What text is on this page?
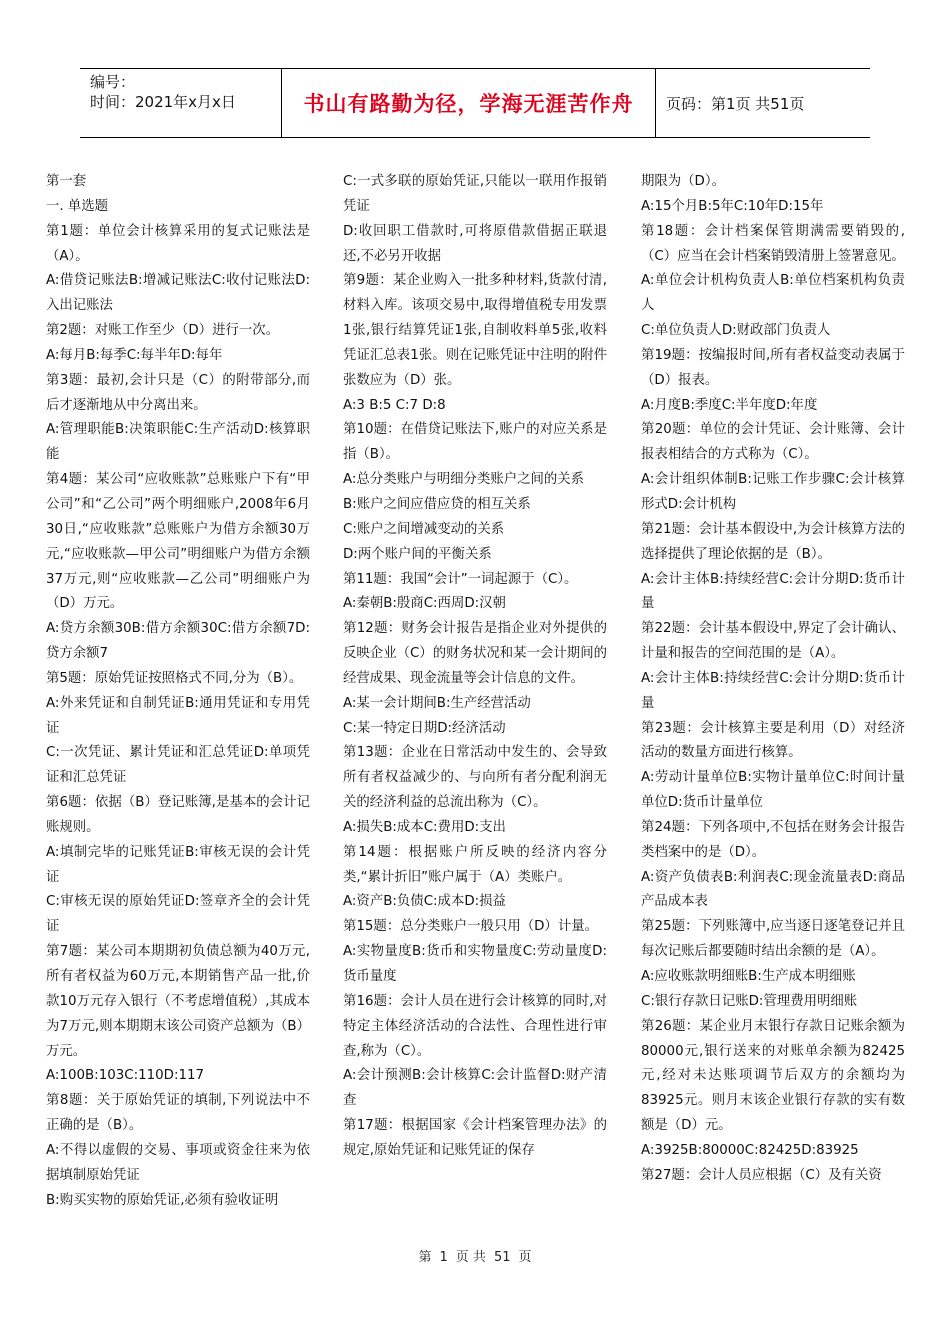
编号：
时间：2021年x月x日	书山有路勤为径，学海无涯苦作舟 页码：第1页 共51页

第一套

一. 单选题

第1题：单位会计核算采用的复式记账法是（A）。

A:借贷记账法B:增减记账法C:收付记账法D:入出记账法

第2题：对账工作至少（D）进行一次。

A:每月B:每季C:每半年D:每年

第3题：最初,会计只是（C）的附带部分,而后才逐渐地从中分离出来。

A:管理职能B:决策职能C:生产活动D:核算职能

第4题：某公司“应收账款”总账账户下有“甲公司”和“乙公司”两个明细账户,2008年6月30日,“应收账款”总账账户为借方余额30万元,“应收账款—甲公司”明细账户为借方余额37万元,则“应收账款—乙公司”明细账户为（D）万元。

A:贷方余额30B:借方余额30C:借方余额7D:贷方余额7

第5题：原始凭证按照格式不同,分为（B）。

A:外来凭证和自制凭证B:通用凭证和专用凭证

C:一次凭证、累计凭证和汇总凭证D:单项凭证和汇总凭证

第6题：依据（B）登记账簿,是基本的会计记账规则。

A:填制完毕的记账凭证B:审核无误的会计凭证

C:审核无误的原始凭证D:签章齐全的会计凭证

第7题：某公司本期期初负债总额为40万元,所有者权益为60万元,本期销售产品一批,价款10万元存入银行（不考虑增值税）,其成本为7万元,则本期期末该公司资产总额为（B）万元。

A:100B:103C:110D:117

第8题：关于原始凭证的填制,下列说法中不正确的是（B）。

A:不得以虚假的交易、事项或资金往来为依据填制原始凭证

B:购买实物的原始凭证,必须有验收证明

C:一式多联的原始凭证,只能以一联用作报销凭证

D:收回职工借款时,可将原借款借据正联退还,不必另开收据

第9题：某企业购入一批多种材料,货款付清,材料入库。该项交易中,取得增值税专用发票1张,银行结算凭证1张,自制收料单5张,收料凭证汇总表1张。则在记账凭证中注明的附件张数应为（D）张。

A:3 B:5 C:7 D:8

第10题：在借贷记账法下,账户的对应关系是指（B）。

A:总分类账户与明细分类账户之间的关系

B:账户之间应借应贷的相互关系

C:账户之间增减变动的关系

D:两个账户间的平衡关系

第11题：我国“会计”一词起源于（C）。

A:秦朝B:殷商C:西周D:汉朝

第12题：财务会计报告是指企业对外提供的反映企业（C）的财务状况和某一会计期间的经营成果、现金流量等会计信息的文件。

A:某一会计期间B:生产经营活动

C:某一特定日期D:经济活动

第13题：企业在日常活动中发生的、会导致所有者权益减少的、与向所有者分配利润无关的经济利益的总流出称为（C）。

A:损失B:成本C:费用D:支出

第14题：根据账户所反映的经济内容分类,“累计折旧”账户属于（A）类账户。

A:资产B:负债C:成本D:损益

第15题：总分类账户一般只用（D）计量。

A:实物量度B:货币和实物量度C:劳动量度D:货币量度

第16题：会计人员在进行会计核算的同时,对特定主体经济活动的合法性、合理性进行审查,称为（C）。

A:会计预测B:会计核算C:会计监督D:财产清查

第17题：根据国家《会计档案管理办法》的规定,原始凭证和记账凭证的保存

期限为（D）。

A:15个月B:5年C:10年D:15年

第18题：会计档案保管期满需要销毁的,（C）应当在会计档案销毁清册上签署意见。

A:单位会计机构负责人B:单位档案机构负责人

C:单位负责人D:财政部门负责人

第19题：按编报时间,所有者权益变动表属于（D）报表。

A:月度B:季度C:半年度D:年度

第20题：单位的会计凭证、会计账簿、会计报表相结合的方式称为（C）。

A:会计组织体制B:记账工作步骤C:会计核算形式D:会计机构

第21题：会计基本假设中,为会计核算方法的选择提供了理论依据的是（B）。

A:会计主体B:持续经营C:会计分期D:货币计量

第22题：会计基本假设中,界定了会计确认、计量和报告的空间范围的是（A）。

A:会计主体B:持续经营C:会计分期D:货币计量

第23题：会计核算主要是利用（D）对经济活动的数量方面进行核算。

A:劳动计量单位B:实物计量单位C:时间计量单位D:货币计量单位

第24题：下列各项中,不包括在财务会计报告类档案中的是（D）。

A:资产负债表B:利润表C:现金流量表D:商品产品成本表

第25题：下列账簿中,应当逐日逐笔登记并且每次记账后都要随时结出余额的是（A）。

A:应收账款明细账B:生产成本明细账

C:银行存款日记账D:管理费用明细账

第26题：某企业月末银行存款日记账余额为80000元,银行送来的对账单余额为82425元,经对未达账项调节后双方的余额均为83925元。则月末该企业银行存款的实有数额是（D）元。

A:3925B:80000C:82425D:83925

第27题：会计人员应根据（C）及有关资

第 1 页 共 51 页
